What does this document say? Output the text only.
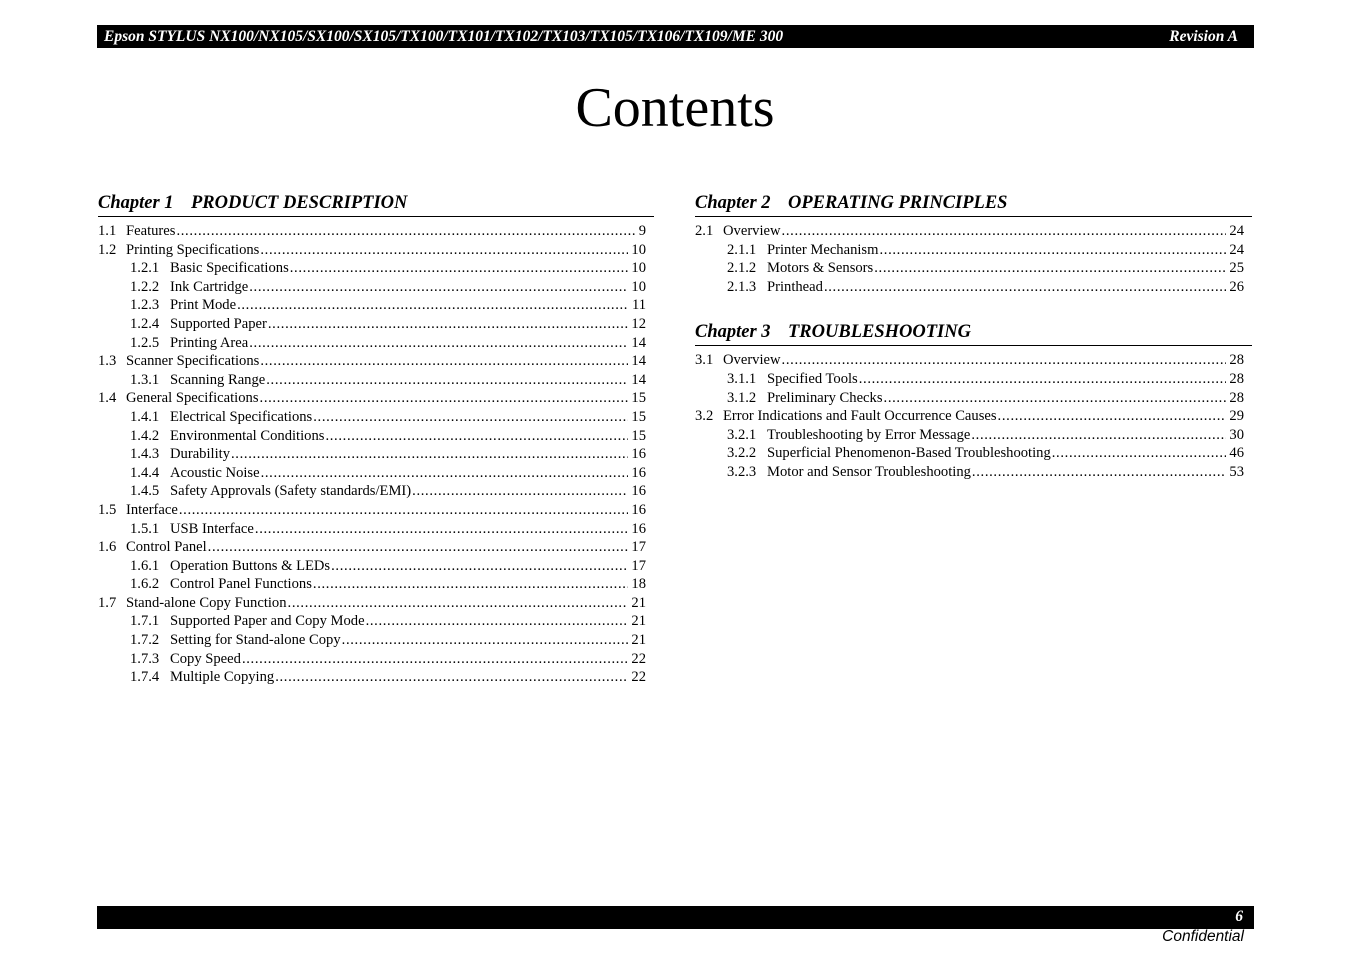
Epson STYLUS NX100/NX105/SX100/SX105/TX100/TX101/TX102/TX103/TX105/TX106/TX109/ME 300	Revision A
Contents
Chapter 1 PRODUCT DESCRIPTION
1.1 Features . . .	9
1.2 Printing Specifications . . .	10
1.2.1 Basic Specifications . . .	10
1.2.2 Ink Cartridge . . .	10
1.2.3 Print Mode . . .	11
1.2.4 Supported Paper . . .	12
1.2.5 Printing Area . . .	14
1.3 Scanner Specifications . . .	14
1.3.1 Scanning Range . . .	14
1.4 General Specifications . . .	15
1.4.1 Electrical Specifications . . .	15
1.4.2 Environmental Conditions . . .	15
1.4.3 Durability . . .	16
1.4.4 Acoustic Noise . . .	16
1.4.5 Safety Approvals (Safety standards/EMI) . . .	16
1.5 Interface . . .	16
1.5.1 USB Interface . . .	16
1.6 Control Panel . . .	17
1.6.1 Operation Buttons & LEDs . . .	17
1.6.2 Control Panel Functions . . .	18
1.7 Stand-alone Copy Function . . .	21
1.7.1 Supported Paper and Copy Mode . . .	21
1.7.2 Setting for Stand-alone Copy . . .	21
1.7.3 Copy Speed . . .	22
1.7.4 Multiple Copying . . .	22
Chapter 2 OPERATING PRINCIPLES
2.1 Overview . . .	24
2.1.1 Printer Mechanism . . .	24
2.1.2 Motors & Sensors . . .	25
2.1.3 Printhead . . .	26
Chapter 3 TROUBLESHOOTING
3.1 Overview . . .	28
3.1.1 Specified Tools . . .	28
3.1.2 Preliminary Checks . . .	28
3.2 Error Indications and Fault Occurrence Causes . . .	29
3.2.1 Troubleshooting by Error Message . . .	30
3.2.2 Superficial Phenomenon-Based Troubleshooting . . .	46
3.2.3 Motor and Sensor Troubleshooting . . .	53
6
Confidential
